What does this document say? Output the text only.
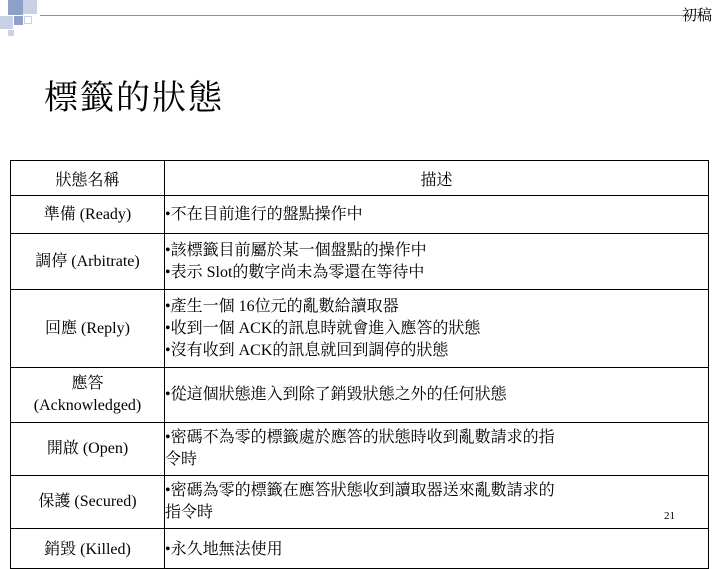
初稿
標籤的狀態
狀態名稱	描述

準備 (Ready)	•不在目前進行的盤點操作中

調停 (Arbitrate)	•該標籤目前屬於某一個盤點的操作中
•表示 Slot的數字尚未為零還在等待中

回應 (Reply)	•產生一個 16位元的亂數給讀取器
•收到一個 ACK的訊息時就會進入應答的狀態
•沒有收到 ACK的訊息就回到調停的狀態

應答
(Acknowledged)	•從這個狀態進入到除了銷毀狀態之外的任何狀態

開啟 (Open)	•密碼不為零的標籤處於應答的狀態時收到亂數請求的指
令時

保護 (Secured)	•密碼為零的標籤在應答狀態收到讀取器送來亂數請求的
指令時

銷毀 (Killed)	•永久地無法使用
21
